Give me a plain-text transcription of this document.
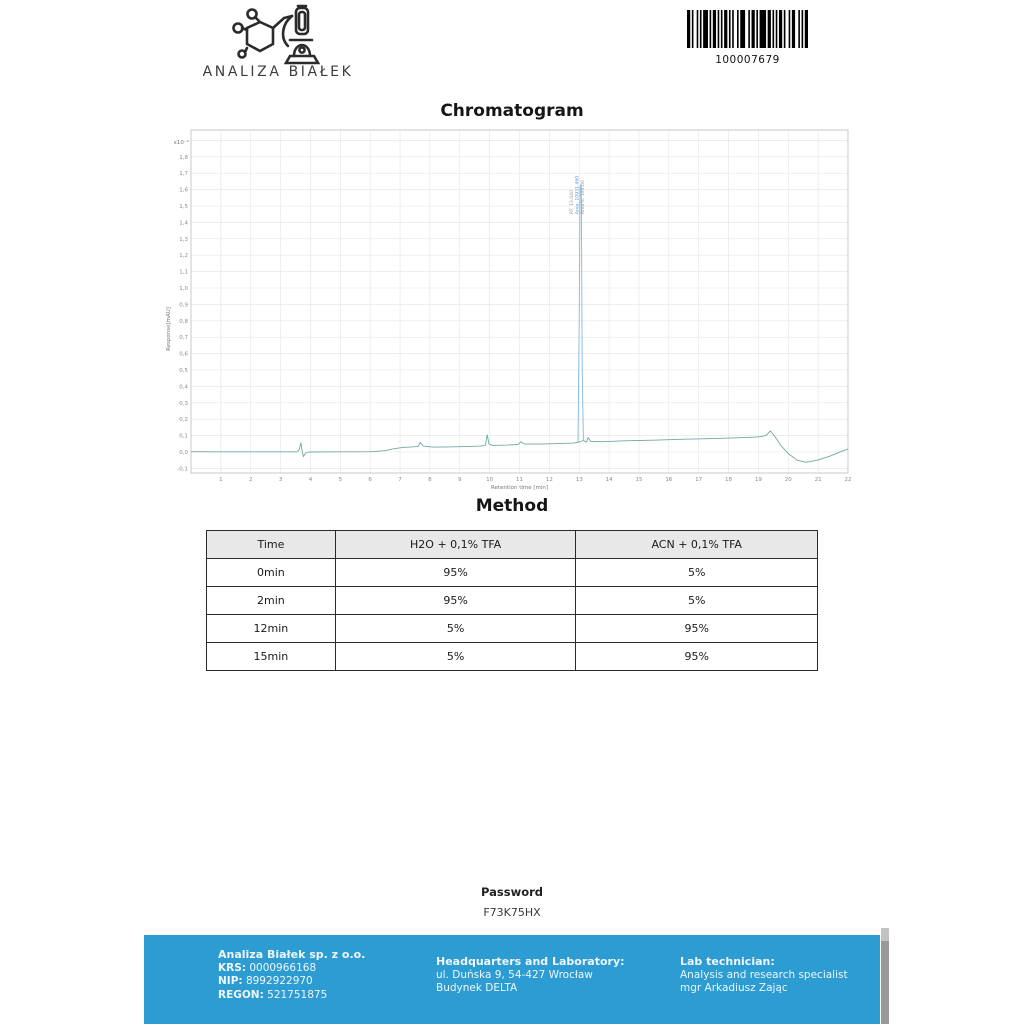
ANALIZA BIAŁEK
100007679
Chromatogram
-0,1
0,0
0,1
0,2
0,3
0,4
0,5
0,6
0,7
0,8
0,9
1,0
1,1
1,2
1,3
1,4
1,5
1,6
1,7
1,8
x10⁻²
1	2	3	4	5	6	7	8	9	10	11	12	13	14	15	16	17	18	19	20	21	22
Retention time [min]
Response[mAU]
RT: 13.040 Area: 10931.460 Area%: 100.00
Method
Time	H2O + 0,1% TFA	ACN + 0,1% TFA
0min	95%	5%
2min	95%	5%
12min	5%	95%
15min	5%	95%
Password
F73K75HX
Analiza Białek sp. z o.o.
KRS: 0000966168
NIP: 8992922970
REGON: 521751875
Headquarters and Laboratory:
ul. Duńska 9, 54-427 Wrocław
Budynek DELTA
Lab technician:
Analysis and research specialist
mgr Arkadiusz Zając
